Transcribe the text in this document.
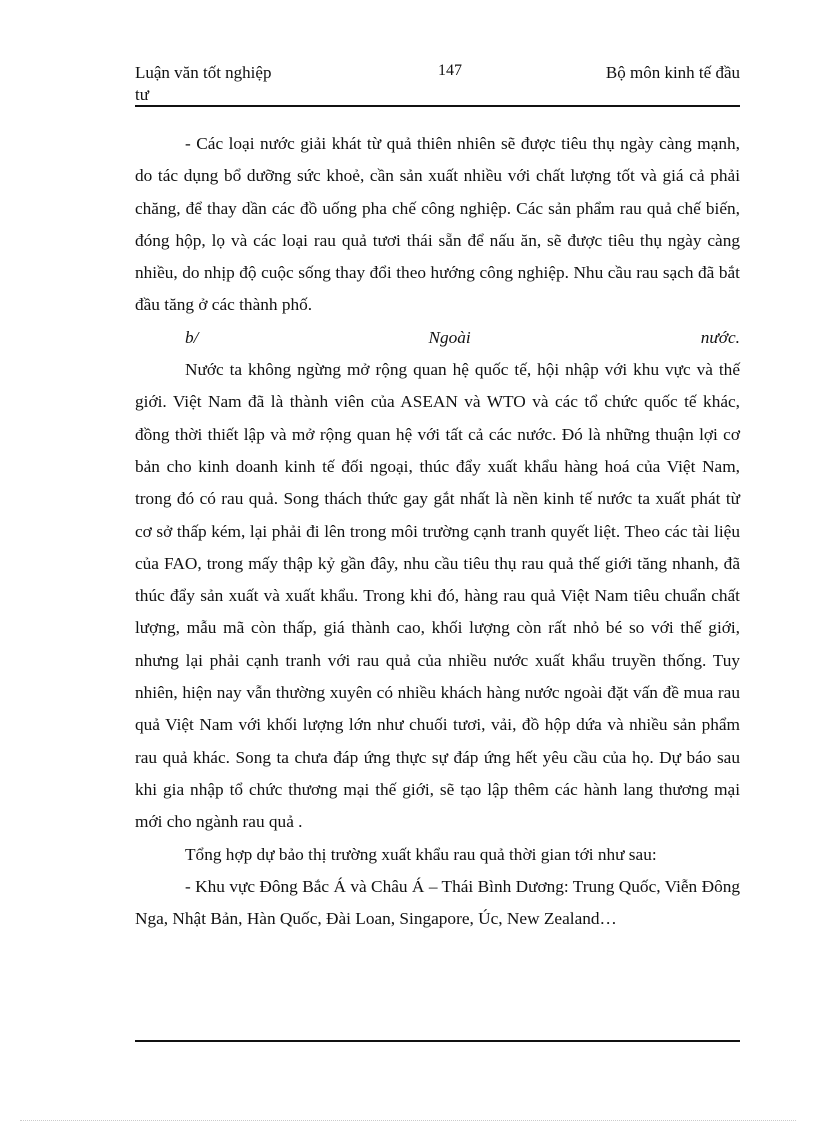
Luận văn tốt nghiệp
tư
147	Bộ môn kinh tế đầu

- Các loại nước giải khát từ quả thiên nhiên sẽ được tiêu thụ ngày càng mạnh, do tác dụng bổ dưỡng sức khoẻ, cần sản xuất nhiều với chất lượng tốt và giá cả phải chăng, để thay dần các đồ uống pha chế công nghiệp. Các sản phẩm rau quả chế biến, đóng hộp, lọ và các loại rau quả tươi thái sẵn để nấu ăn, sẽ được tiêu thụ ngày càng nhiều, do nhịp độ cuộc sống thay đổi theo hướng công nghiệp. Nhu cầu rau sạch đã bắt đầu tăng ở các thành phố.

b/	Ngoài	nước.

Nước ta không ngừng mở rộng quan hệ quốc tế, hội nhập với khu vực và thế giới. Việt Nam đã là thành viên của ASEAN và WTO và các tổ chức quốc tế khác, đồng thời thiết lập và mở rộng quan hệ với tất cả các nước. Đó là những thuận lợi cơ bản cho kinh doanh kinh tế đối ngoại, thúc đẩy xuất khẩu hàng hoá của Việt Nam, trong đó có rau quả. Song thách thức gay gắt nhất là nền kinh tế nước ta xuất phát từ cơ sở thấp kém, lại phải đi lên trong môi trường cạnh tranh quyết liệt. Theo các tài liệu của FAO, trong mấy thập kỷ gần đây, nhu cầu tiêu thụ rau quả thế giới tăng nhanh, đã thúc đẩy sản xuất và xuất khẩu. Trong khi đó, hàng rau quả Việt Nam tiêu chuẩn chất lượng, mẫu mã còn thấp, giá thành cao, khối lượng còn rất nhỏ bé so với thế giới, nhưng lại phải cạnh tranh với rau quả của nhiều nước xuất khẩu truyền thống. Tuy nhiên, hiện nay vẫn thường xuyên có nhiều khách hàng nước ngoài đặt vấn đề mua rau quả Việt Nam với khối lượng lớn như chuối tươi, vải, đồ hộp dứa và nhiều sản phẩm rau quả khác. Song ta chưa đáp ứng thực sự đáp ứng hết yêu cầu của họ. Dự báo sau khi gia nhập tổ chức thương mại thế giới, sẽ tạo lập thêm các hành lang thương mại mới cho ngành rau quả .

Tổng hợp dự bảo thị trường xuất khẩu rau quả thời gian tới như sau:

- Khu vực Đông Bắc Á và Châu Á – Thái Bình Dương: Trung Quốc, Viễn Đông Nga, Nhật Bản, Hàn Quốc, Đài Loan, Singapore, Úc, New Zealand…
